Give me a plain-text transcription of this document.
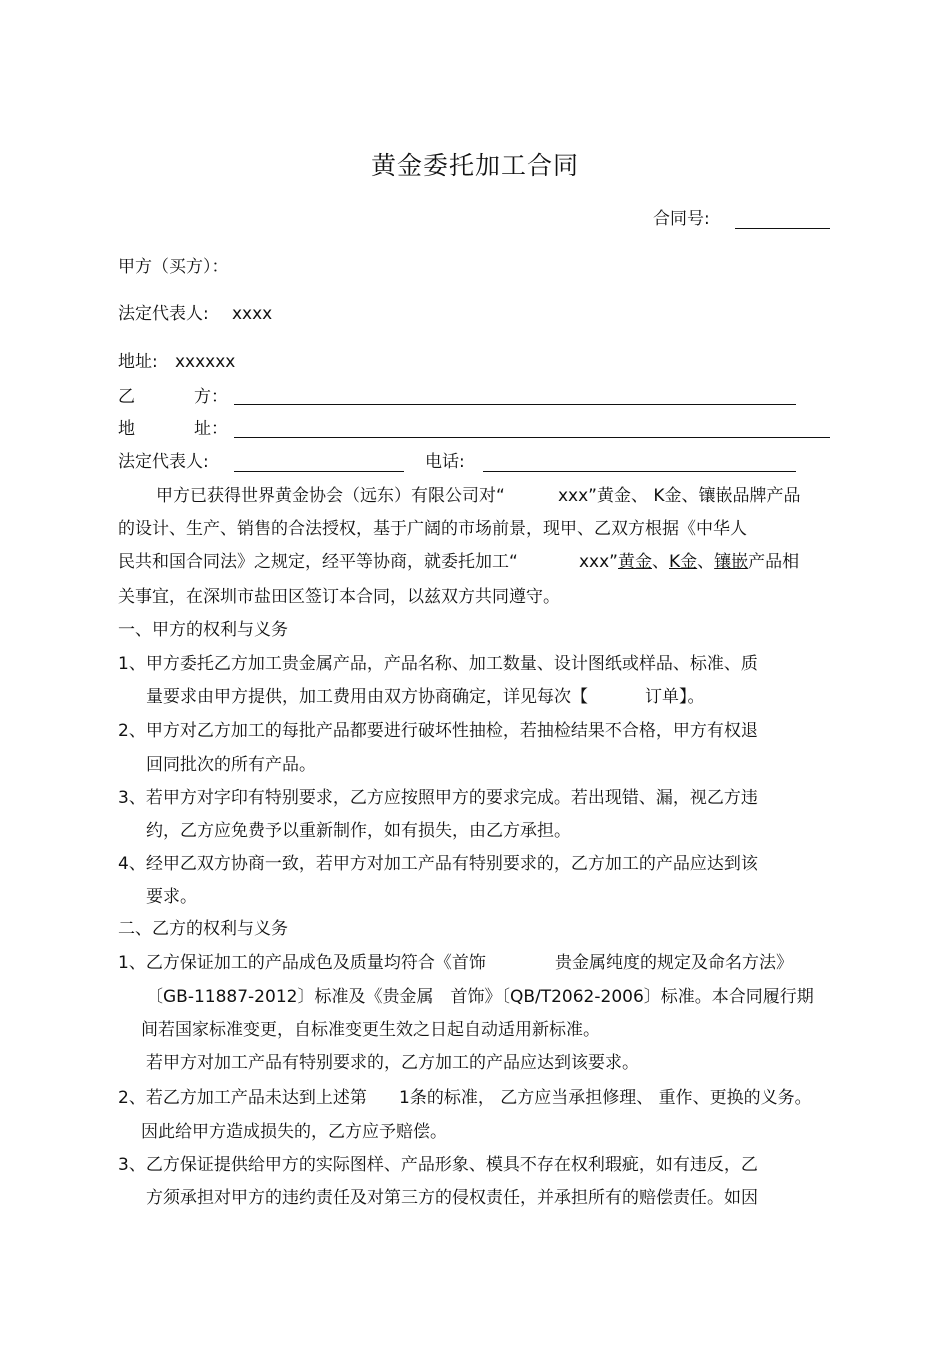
黄金委托加工合同
合同号:
甲方（买方）：
法定代表人: xxxx
地址: xxxxxx
乙	方：
地	址：
法定代表人:	电话:
甲方已获得世界黄金协会（远东）有限公司对“	xxx”黄金、 K金、镶嵌品牌产品
的设计、生产、销售的合法授权，基于广阔的市场前景，现甲、乙双方根据《中华人
民共和国合同法》之规定，经平等协商，就委托加工“	xxx”黄金、K金、镶嵌产品相
关事宜，在深圳市盐田区签订本合同，以兹双方共同遵守。
一、甲方的权利与义务
1、甲方委托乙方加工贵金属产品，产品名称、加工数量、设计图纸或样品、标准、质
量要求由甲方提供，加工费用由双方协商确定，详见每次【	订单】。
2、甲方对乙方加工的每批产品都要进行破坏性抽检，若抽检结果不合格，甲方有权退
回同批次的所有产品。
3、若甲方对字印有特别要求，乙方应按照甲方的要求完成。若出现错、漏，视乙方违
约，乙方应免费予以重新制作，如有损失，由乙方承担。
4、经甲乙双方协商一致，若甲方对加工产品有特别要求的，乙方加工的产品应达到该
要求。
二、乙方的权利与义务
1、乙方保证加工的产品成色及质量均符合《首饰	贵金属纯度的规定及命名方法》
〔GB-11887-2012〕标准及《贵金属　首饰》〔QB/T2062-2006〕标准。本合同履行期
间若国家标准变更，自标准变更生效之日起自动适用新标准。
若甲方对加工产品有特别要求的，乙方加工的产品应达到该要求。
2、若乙方加工产品未达到上述第 1条的标准， 乙方应当承担修理、 重作、更换的义务。
因此给甲方造成损失的，乙方应予赔偿。
3、乙方保证提供给甲方的实际图样、产品形象、模具不存在权利瑕疵，如有违反，乙
方须承担对甲方的违约责任及对第三方的侵权责任，并承担所有的赔偿责任。如因
